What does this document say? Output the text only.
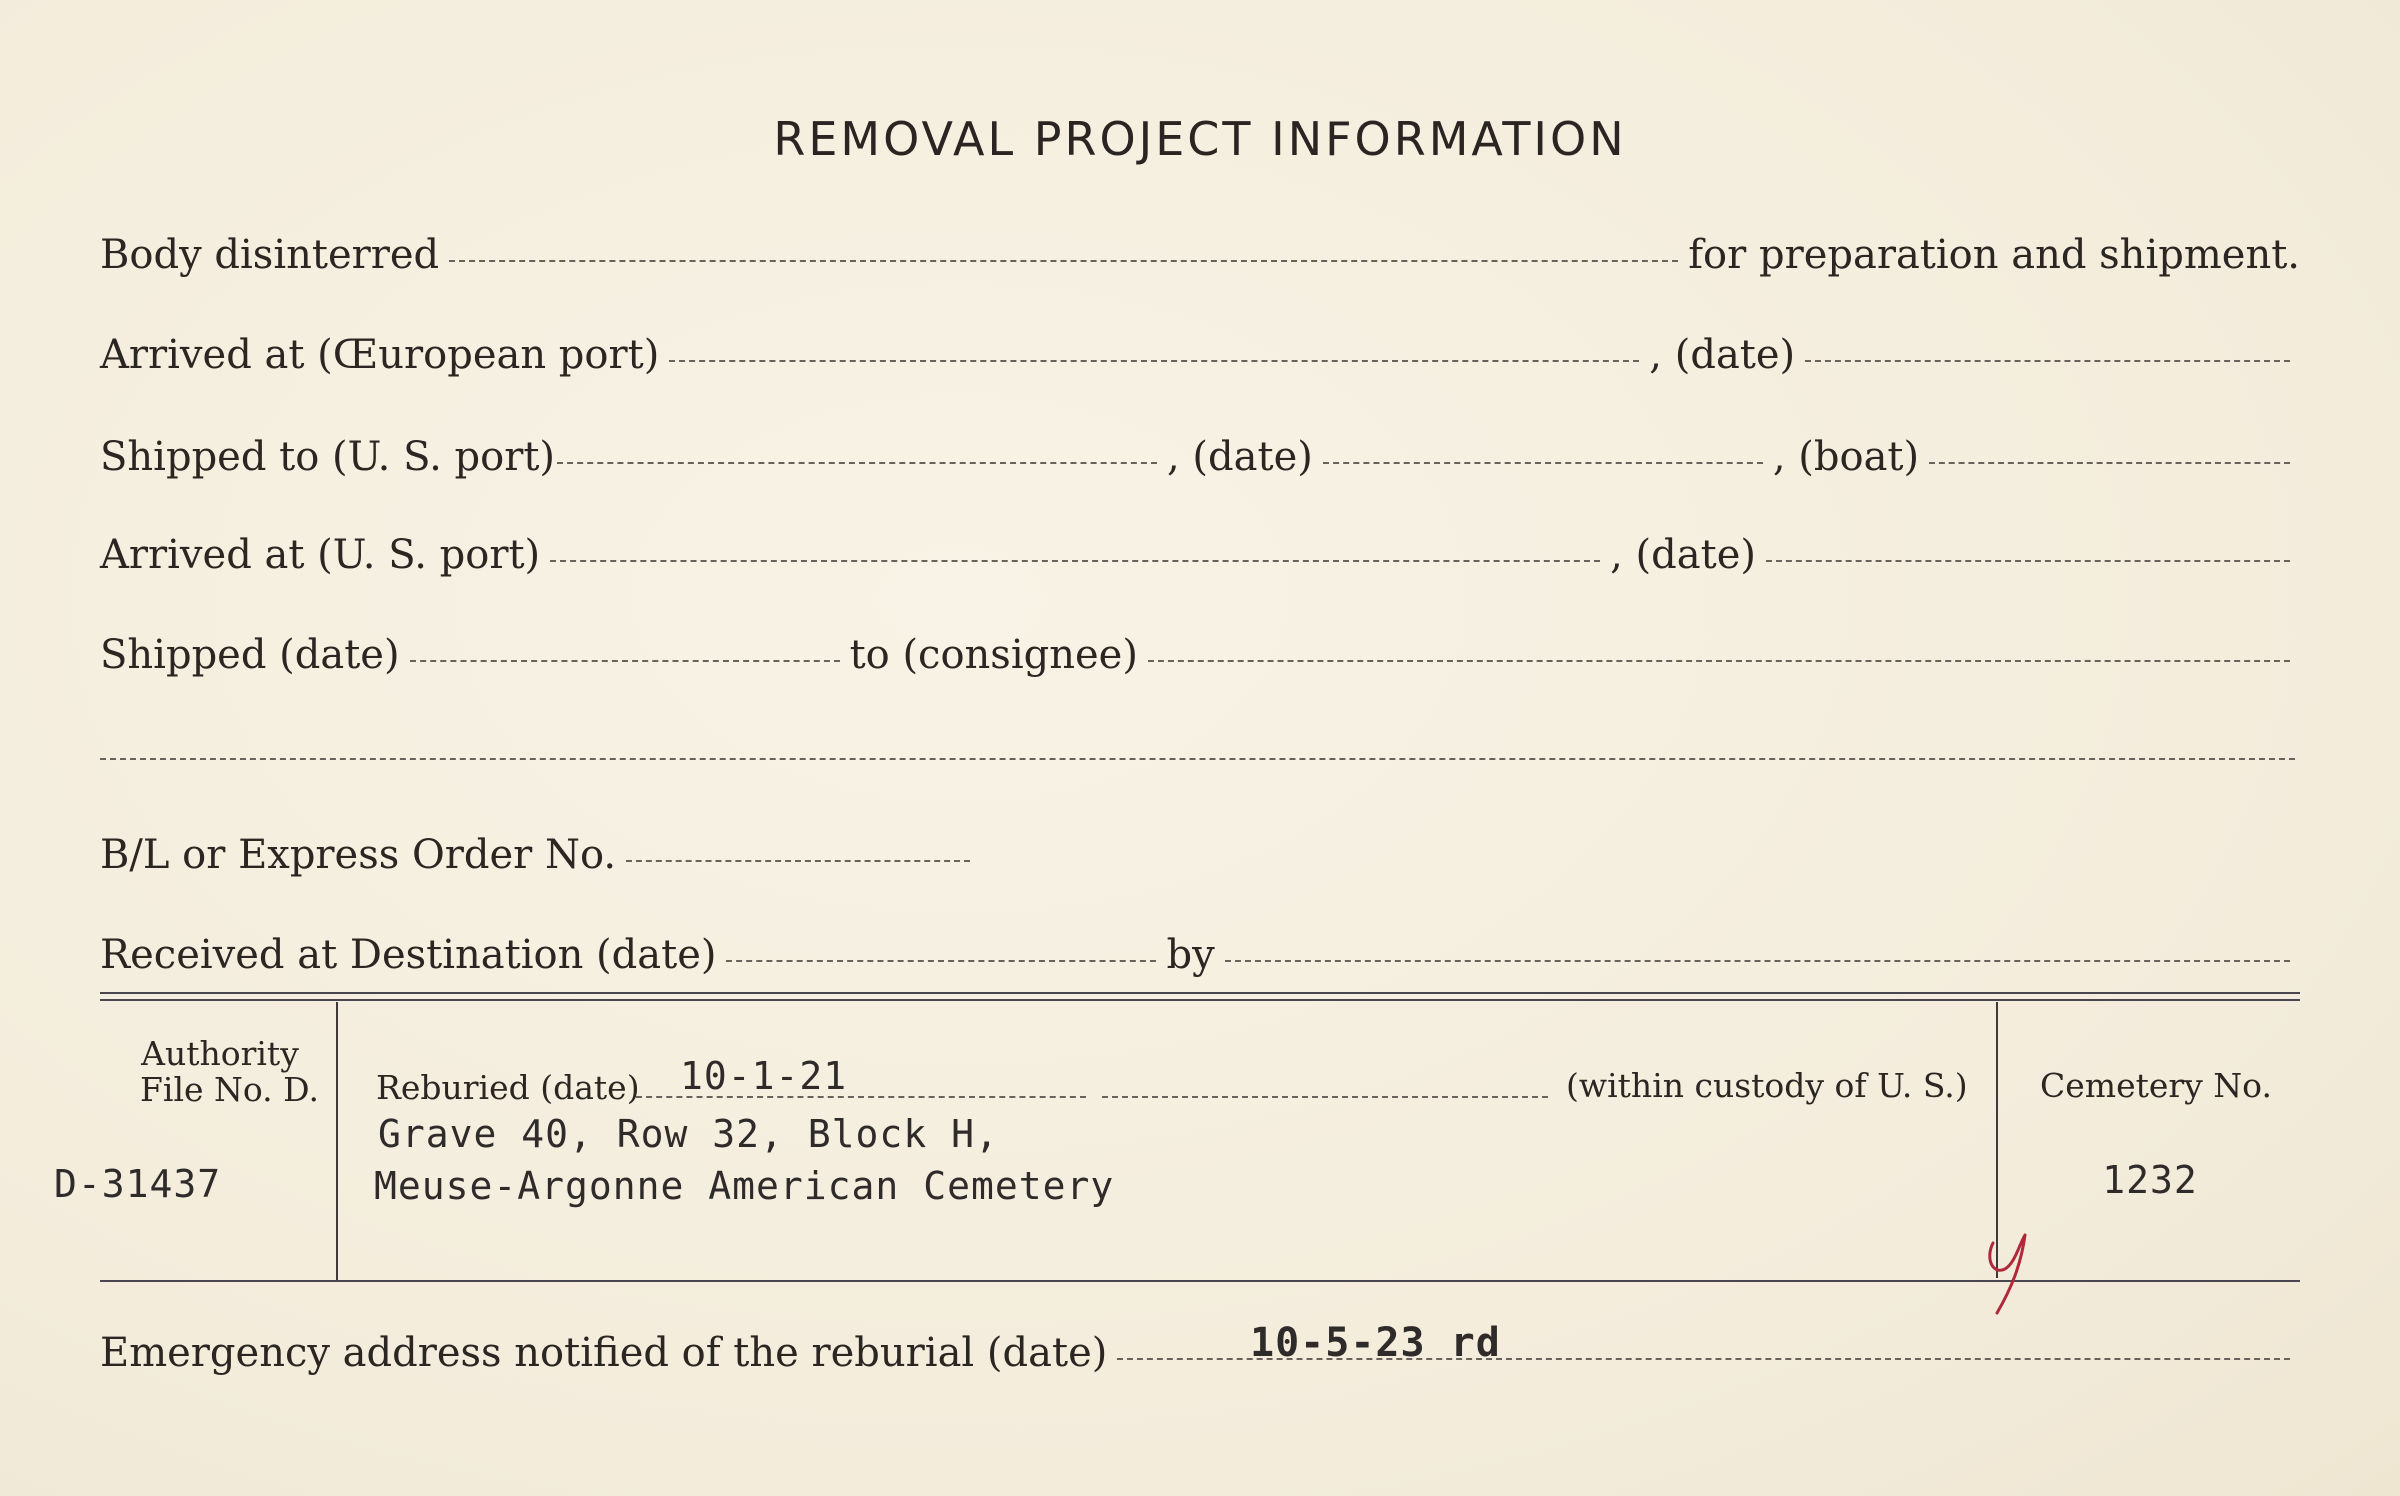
REMOVAL PROJECT INFORMATION
Body disinterred	for preparation and shipment.
Arrived at (Œuropean port)	, (date)
Shipped to (U. S. port)	, (date)	, (boat)
Arrived at (U. S. port)	, (date)
Shipped (date)	to (consignee)
B/L or Express Order No.
Received at Destination (date)	by
Authority
File No. D.
D-31437
Reburied (date) 10-1-21	(within custody of U. S.)
Grave 40, Row 32, Block H,
Meuse-Argonne American Cemetery
Cemetery No.
1232
Emergency address notified of the reburial (date)	10-5-23 rd
